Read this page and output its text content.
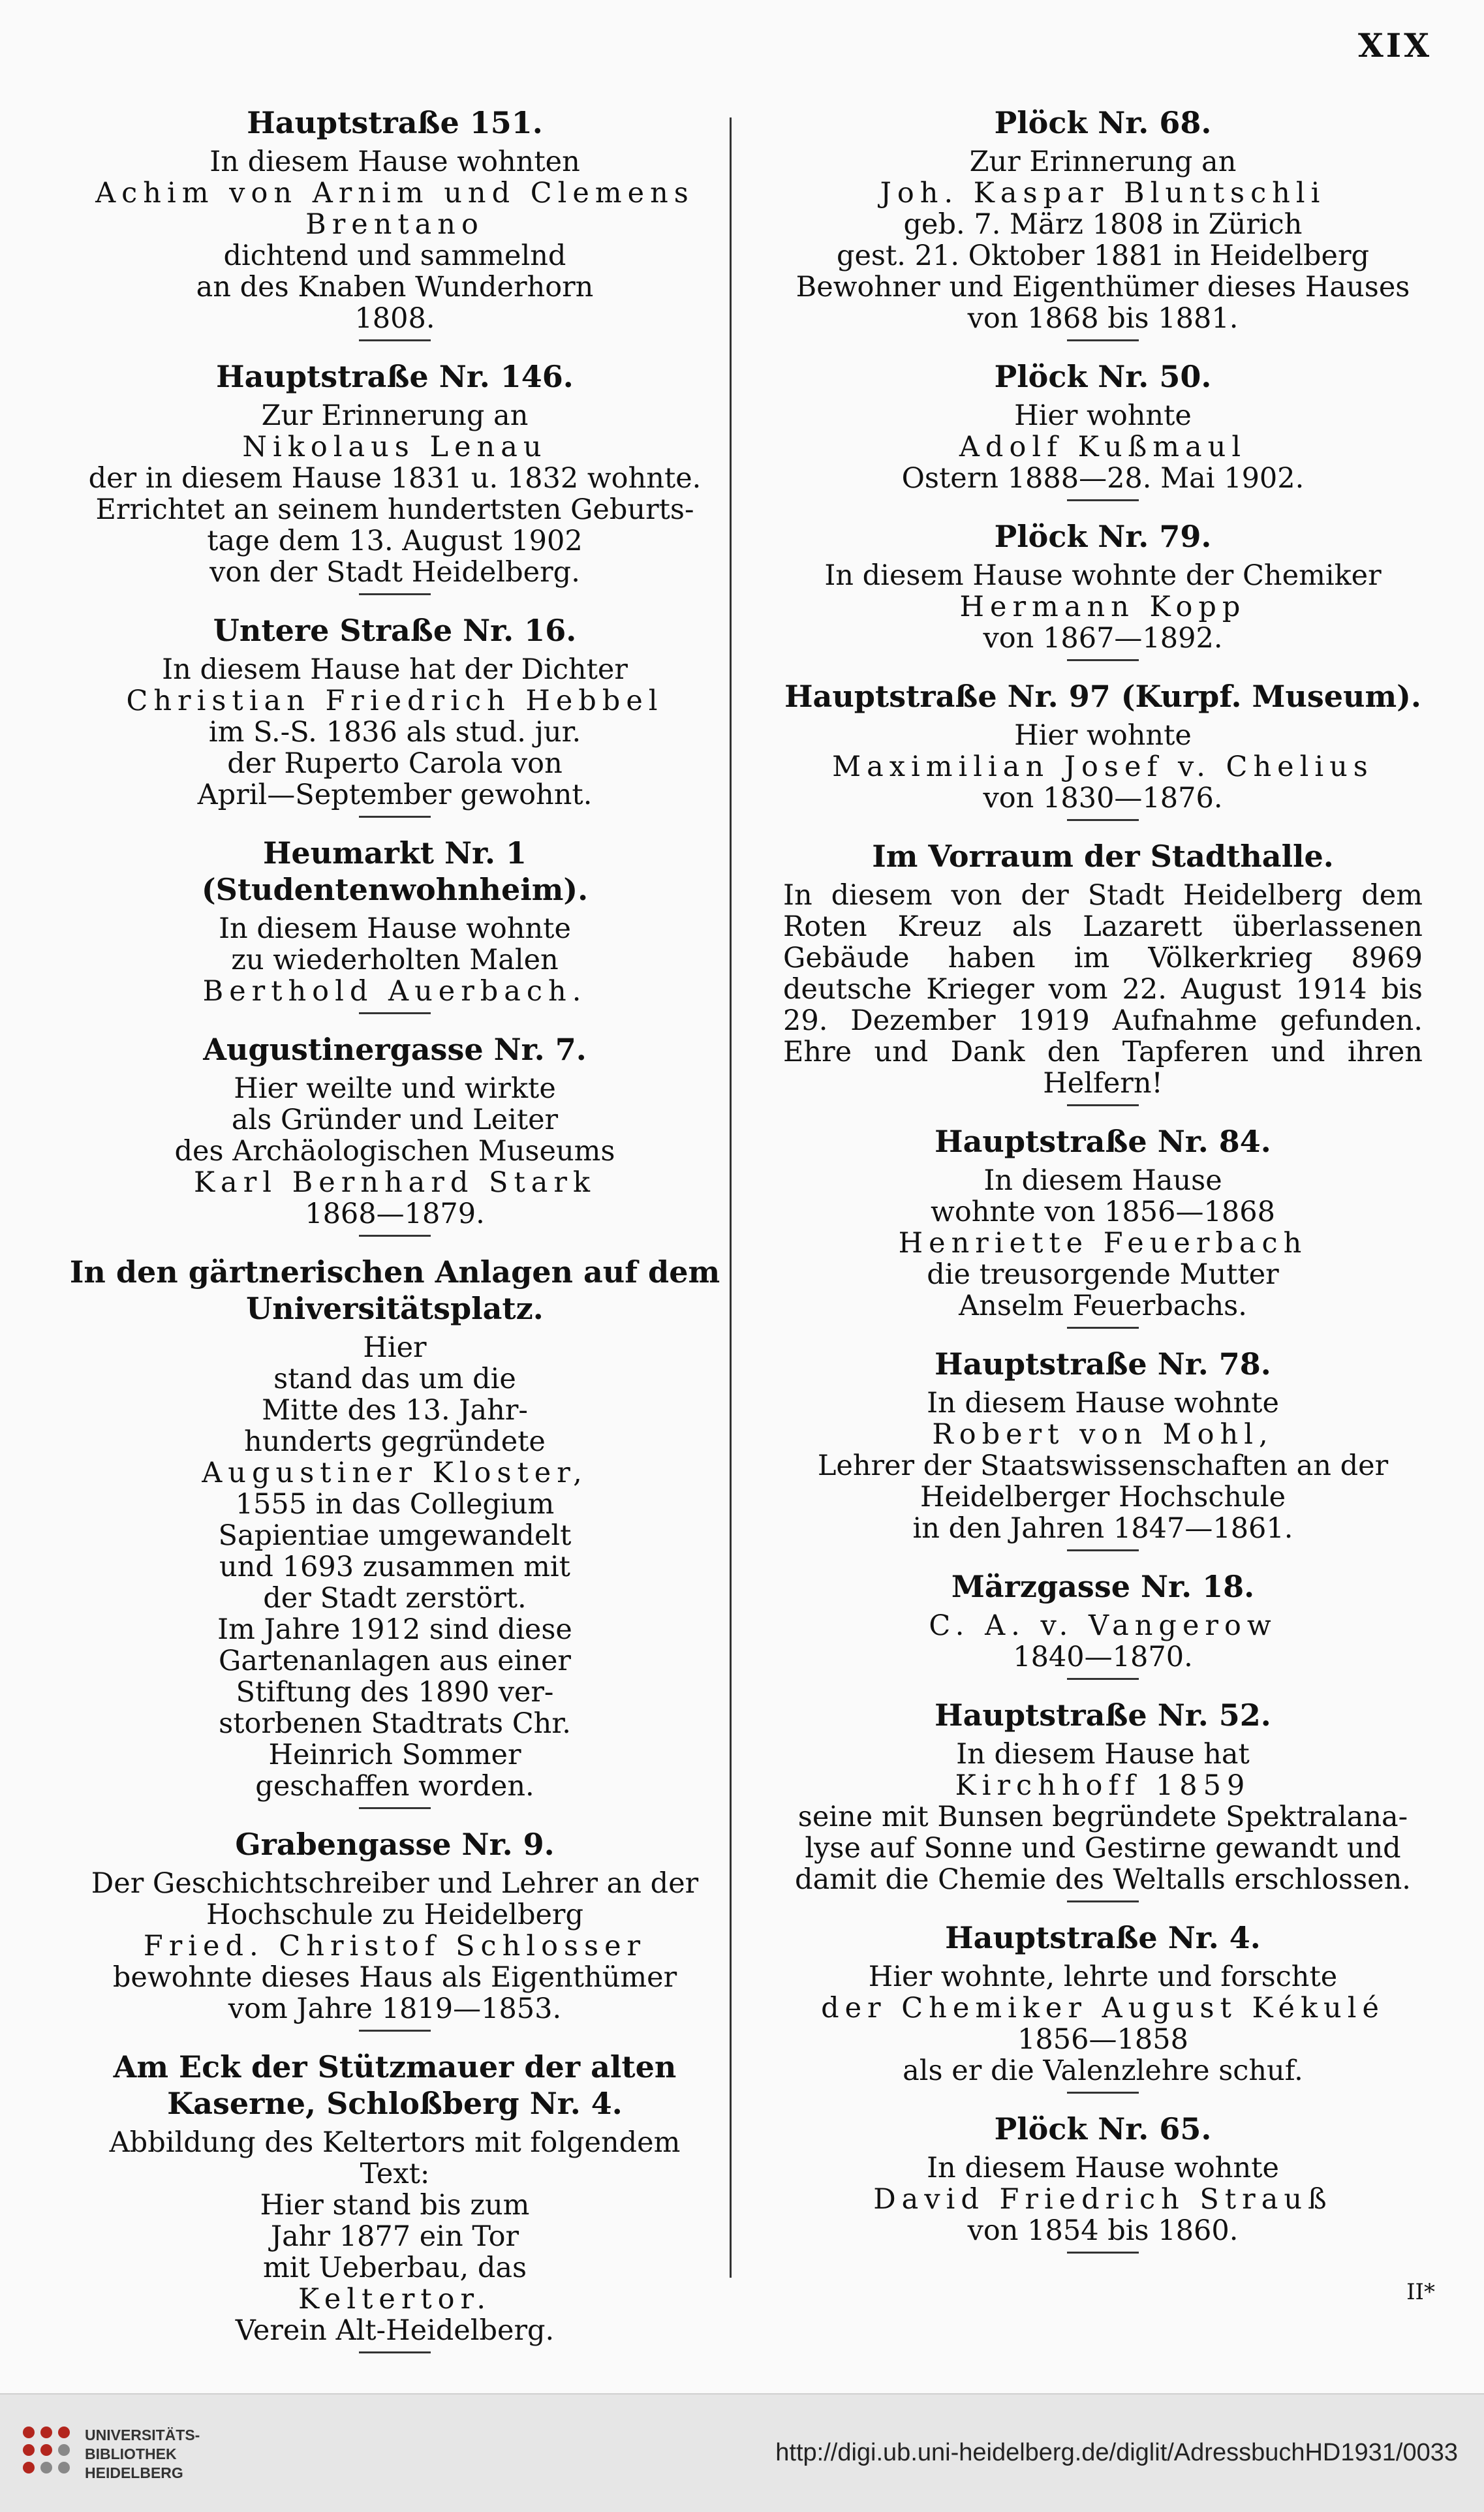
XIX
Hauptstraße 151.
In diesem Hause wohnten
Achim von Arnim und Clemens
Brentano
dichtend und sammelnd
an des Knaben Wunderhorn
1808.
Hauptstraße Nr. 146.
Zur Erinnerung an
Nikolaus Lenau
der in diesem Hause 1831 u. 1832 wohnte.
Errichtet an seinem hundertsten Geburts-
tage dem 13. August 1902
von der Stadt Heidelberg.
Untere Straße Nr. 16.
In diesem Hause hat der Dichter
Christian Friedrich Hebbel
im S.-S. 1836 als stud. jur.
der Ruperto Carola von
April—September gewohnt.
Heumarkt Nr. 1 (Studentenwohnheim).
In diesem Hause wohnte
zu wiederholten Malen
Berthold Auerbach.
Augustinergasse Nr. 7.
Hier weilte und wirkte
als Gründer und Leiter
des Archäologischen Museums
Karl Bernhard Stark
1868—1879.
In den gärtnerischen Anlagen auf dem Universitätsplatz.
Hier
stand das um die
Mitte des 13. Jahr-
hunderts gegründete
Augustiner Kloster,
1555 in das Collegium
Sapientiae umgewandelt
und 1693 zusammen mit
der Stadt zerstört.
Im Jahre 1912 sind diese
Gartenanlagen aus einer
Stiftung des 1890 ver-
storbenen Stadtrats Chr.
Heinrich Sommer
geschaffen worden.
Grabengasse Nr. 9.
Der Geschichtschreiber und Lehrer an der
Hochschule zu Heidelberg
Fried. Christof Schlosser
bewohnte dieses Haus als Eigenthümer
vom Jahre 1819—1853.
Am Eck der Stützmauer der alten Kaserne, Schloßberg Nr. 4.
Abbildung des Keltertors mit folgendem
Text:
Hier stand bis zum
Jahr 1877 ein Tor
mit Ueberbau, das
Keltertor.
Verein Alt-Heidelberg.
Plöck Nr. 68.
Zur Erinnerung an
Joh. Kaspar Bluntschli
geb. 7. März 1808 in Zürich
gest. 21. Oktober 1881 in Heidelberg
Bewohner und Eigenthümer dieses Hauses
von 1868 bis 1881.
Plöck Nr. 50.
Hier wohnte
Adolf Kußmaul
Ostern 1888—28. Mai 1902.
Plöck Nr. 79.
In diesem Hause wohnte der Chemiker
Hermann Kopp
von 1867—1892.
Hauptstraße Nr. 97 (Kurpf. Museum).
Hier wohnte
Maximilian Josef v. Chelius
von 1830—1876.
Im Vorraum der Stadthalle.
In diesem von der Stadt Heidelberg dem Roten Kreuz als Lazarett überlassenen Gebäude haben im Völkerkrieg 8969 deutsche Krieger vom 22. August 1914 bis 29. Dezember 1919 Aufnahme gefunden. Ehre und Dank den Tapferen und ihren Helfern!
Hauptstraße Nr. 84.
In diesem Hause
wohnte von 1856—1868
Henriette Feuerbach
die treusorgende Mutter
Anselm Feuerbachs.
Hauptstraße Nr. 78.
In diesem Hause wohnte
Robert von Mohl,
Lehrer der Staatswissenschaften an der
Heidelberger Hochschule
in den Jahren 1847—1861.
Märzgasse Nr. 18.
C. A. v. Vangerow
1840—1870.
Hauptstraße Nr. 52.
In diesem Hause hat
Kirchhoff 1859
seine mit Bunsen begründete Spektralana-
lyse auf Sonne und Gestirne gewandt und
damit die Chemie des Weltalls erschlossen.
Hauptstraße Nr. 4.
Hier wohnte, lehrte und forschte
der Chemiker August Kékulé
1856—1858
als er die Valenzlehre schuf.
Plöck Nr. 65.
In diesem Hause wohnte
David Friedrich Strauß
von 1854 bis 1860.
II*
UNIVERSITÄTS-
BIBLIOTHEK
HEIDELBERG
http://digi.ub.uni-heidelberg.de/diglit/AdressbuchHD1931/0033
